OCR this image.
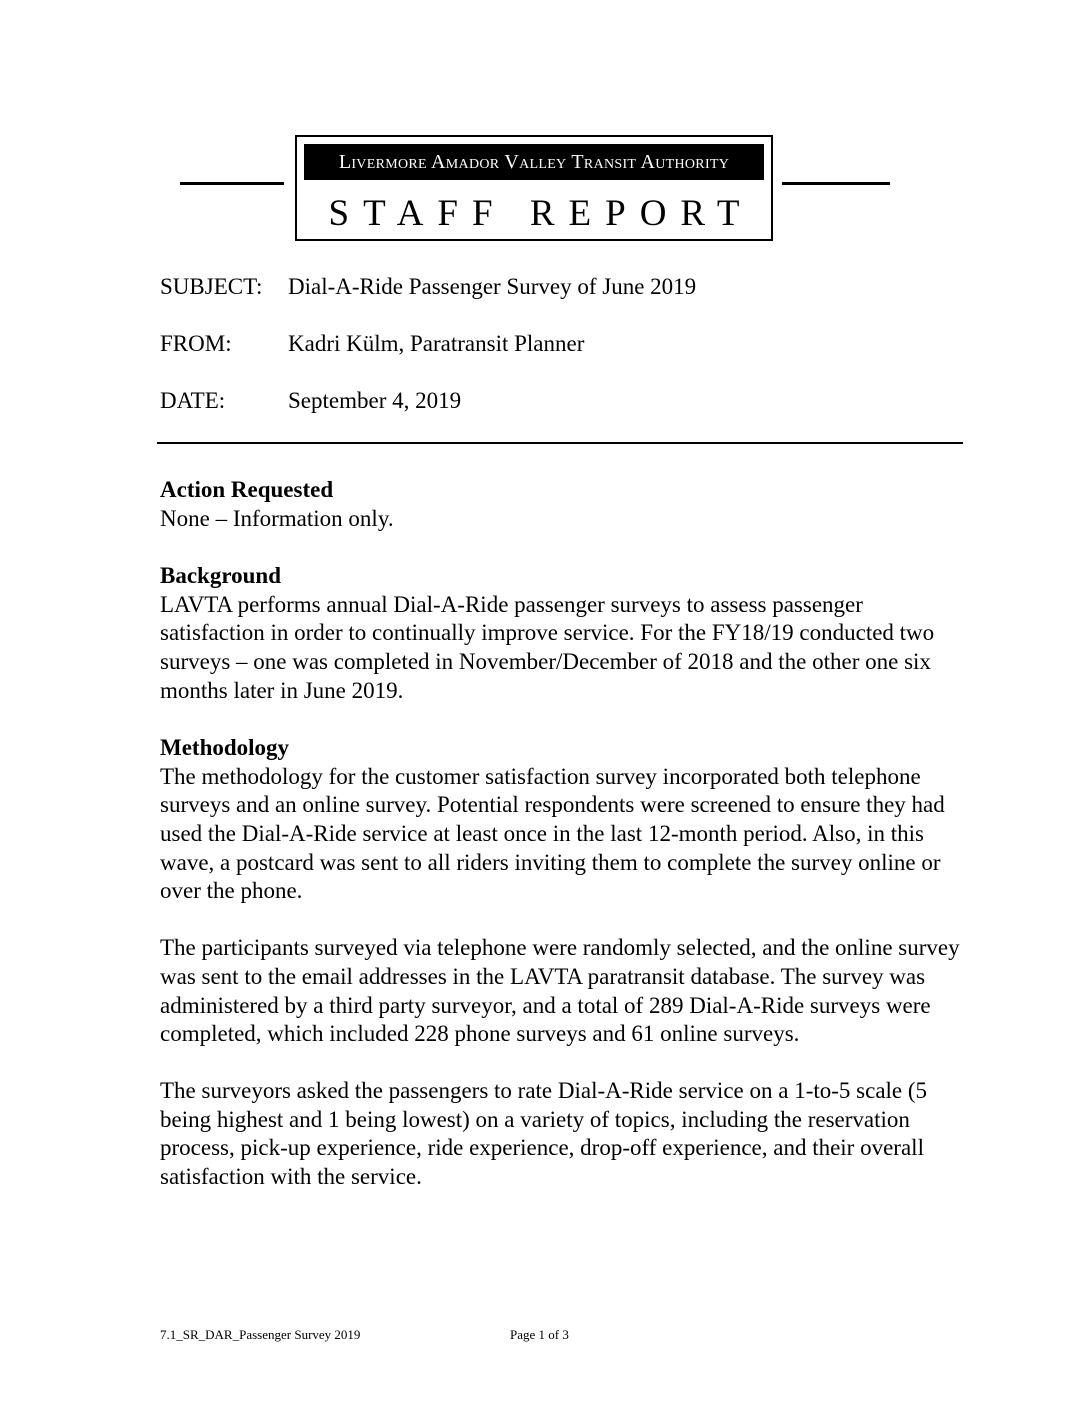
Livermore Amador Valley Transit Authority
STAFF REPORT
SUBJECT: Dial-A-Ride Passenger Survey of June 2019
FROM: Kadri Külm, Paratransit Planner
DATE:	September 4, 2019
Action Requested

None – Information only.

Background

LAVTA performs annual Dial-A-Ride passenger surveys to assess passenger satisfaction in order to continually improve service. For the FY18/19 conducted two surveys – one was completed in November/December of 2018 and the other one six months later in June 2019.

Methodology

The methodology for the customer satisfaction survey incorporated both telephone surveys and an online survey. Potential respondents were screened to ensure they had used the Dial-A-Ride service at least once in the last 12-month period. Also, in this wave, a postcard was sent to all riders inviting them to complete the survey online or over the phone.

The participants surveyed via telephone were randomly selected, and the online survey was sent to the email addresses in the LAVTA paratransit database. The survey was administered by a third party surveyor, and a total of 289 Dial-A-Ride surveys were completed, which included 228 phone surveys and 61 online surveys.

The surveyors asked the passengers to rate Dial-A-Ride service on a 1-to-5 scale (5 being highest and 1 being lowest) on a variety of topics, including the reservation process, pick-up experience, ride experience, drop-off experience, and their overall satisfaction with the service.

7.1_SR_DAR_Passenger Survey 2019	Page 1 of 3
